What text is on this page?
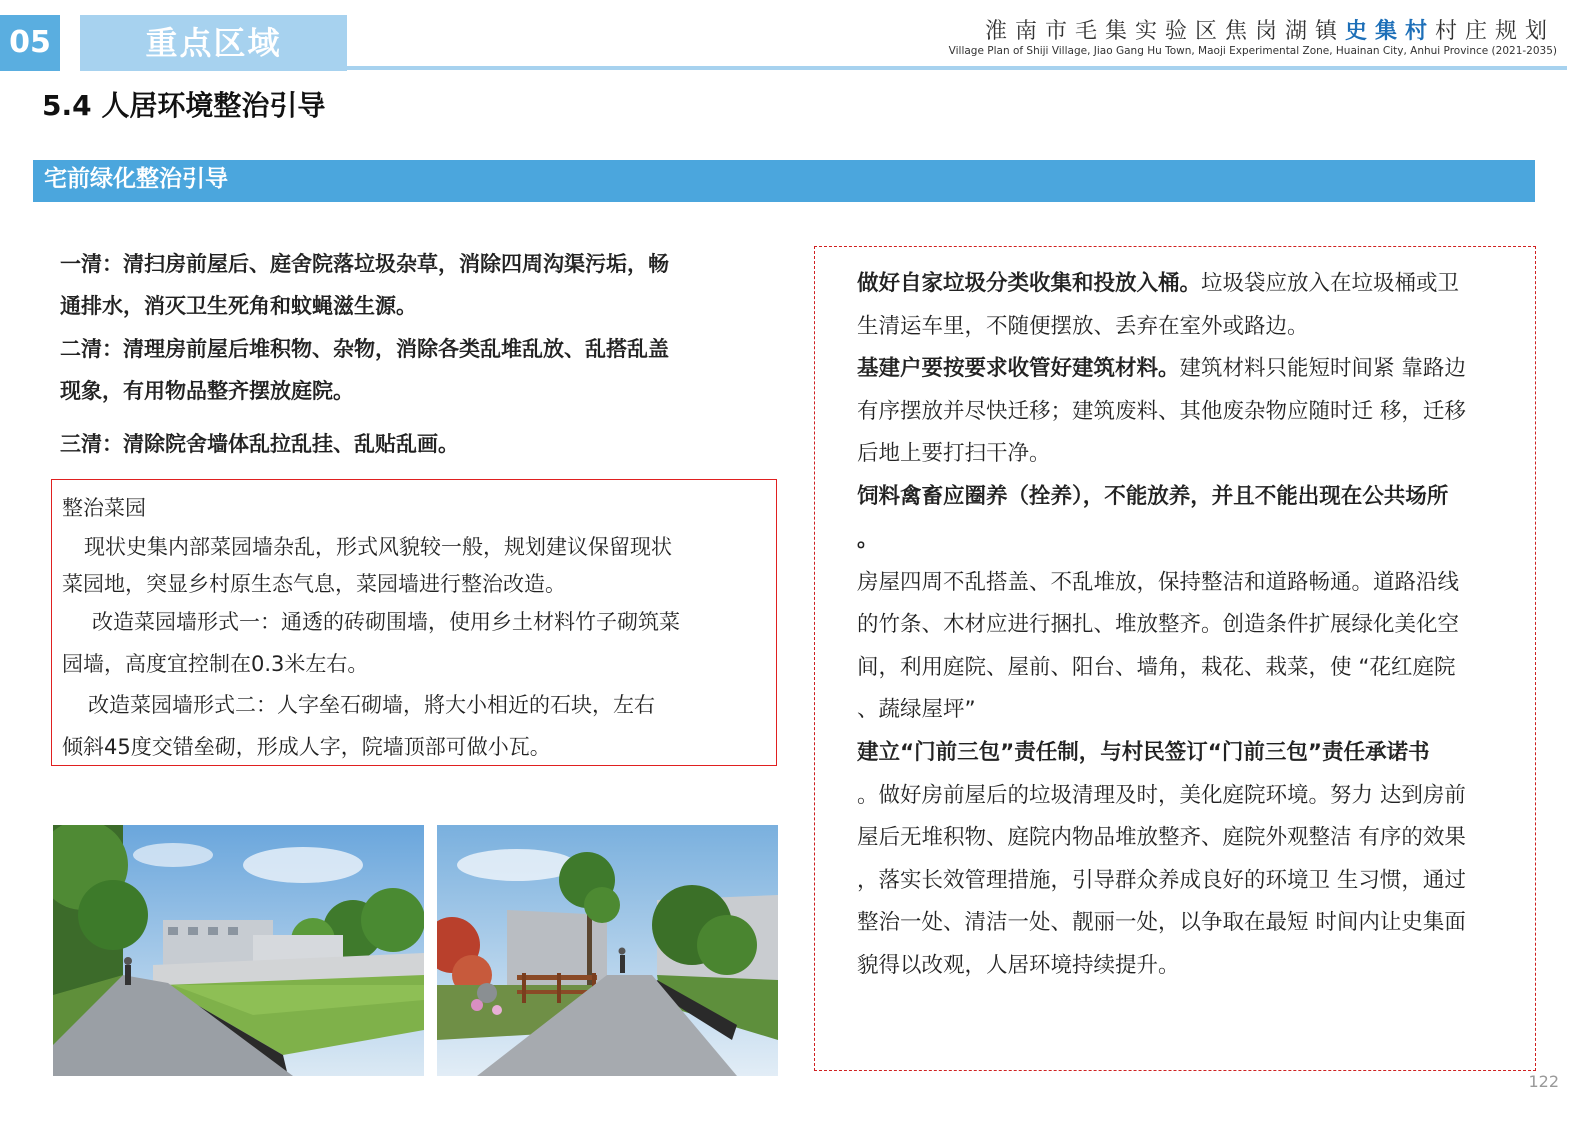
05	重点区域	淮南市毛集实验区焦岗湖镇史集村村庄规划
Village Plan of Shiji Village, Jiao Gang Hu Town, Maoji Experimental Zone, Huainan City, Anhui Province (2021-2035)
5.4 人居环境整治引导
宅前绿化整治引导
一清：清扫房前屋后、庭舍院落垃圾杂草，消除四周沟渠污垢，畅
通排水，消灭卫生死角和蚊蝇滋生源。
二清：清理房前屋后堆积物、杂物，消除各类乱堆乱放、乱搭乱盖
现象，有用物品整齐摆放庭院。
三清：清除院舍墙体乱拉乱挂、乱贴乱画。
整治菜园
现状史集内部菜园墙杂乱，形式风貌较一般，规划建议保留现状
菜园地，突显乡村原生态气息，菜园墙进行整治改造。
改造菜园墙形式一：通透的砖砌围墙，使用乡土材料竹子砌筑菜
园墙，高度宜控制在0.3米左右。
改造菜园墙形式二：人字垒石砌墙，將大小相近的石块，左右
倾斜45度交错垒砌，形成人字，院墙顶部可做小瓦。
做好自家垃圾分类收集和投放入桶。垃圾袋应放入在垃圾桶或卫
生清运车里，不随便摆放、丢弃在室外或路边。
基建户要按要求收管好建筑材料。建筑材料只能短时间紧 靠路边
有序摆放并尽快迁移；建筑废料、其他废杂物应随时迁 移，迁移
后地上要打扫干净。
饲料禽畜应圈养（拴养），不能放养，并且不能出现在公共场所
。
房屋四周不乱搭盖、不乱堆放，保持整洁和道路畅通。道路沿线
的竹条、木材应进行捆扎、堆放整齐。创造条件扩展绿化美化空
间，利用庭院、屋前、阳台、墙角，栽花、栽菜，使 “花红庭院
、蔬绿屋坪”
建立“门前三包”责任制，与村民签订“门前三包”责任承诺书
。做好房前屋后的垃圾清理及时，美化庭院环境。努力 达到房前
屋后无堆积物、庭院内物品堆放整齐、庭院外观整洁 有序的效果
，落实长效管理措施，引导群众养成良好的环境卫 生习惯，通过
整治一处、清洁一处、靓丽一处，以争取在最短 时间内让史集面
貌得以改观，人居环境持续提升。
122
